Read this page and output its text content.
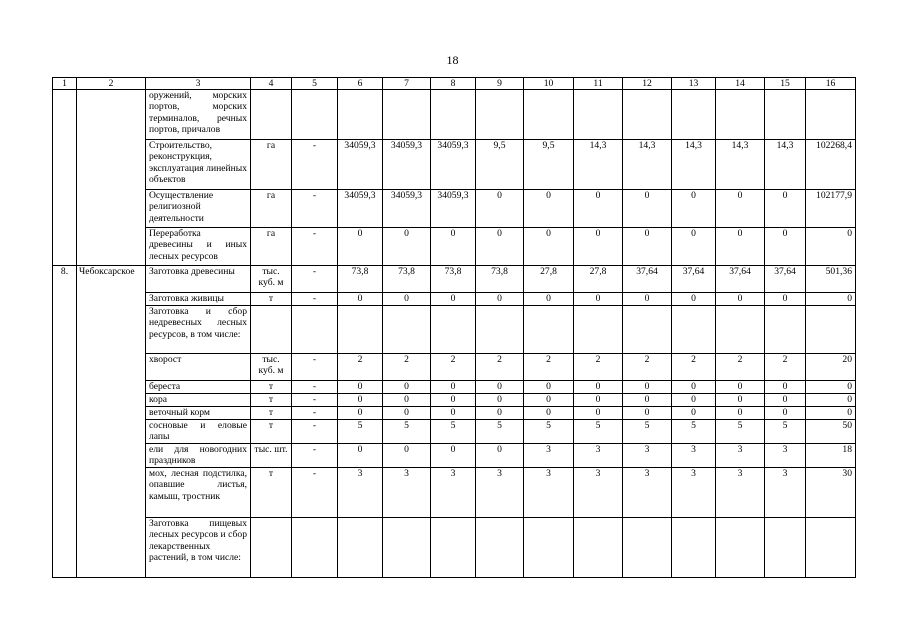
18
1	2	3	4	5	6	7	8	9	10	11	12	13	14	15	16
		оружений, морских портов, морских терминалов, речных портов, причалов													
		Строительство, реконструкция, эксплуатация линейных объектов	га	-	34059,3	34059,3	34059,3	9,5	9,5	14,3	14,3	14,3	14,3	14,3	102268,4
		Осуществление религиозной деятельности	га	-	34059,3	34059,3	34059,3	0	0	0	0	0	0	0	102177,9
		Переработка древесины и иных лесных ресурсов	га	-	0	0	0	0	0	0	0	0	0	0	0
8.	Чебоксарское	Заготовка древесины	тыс. куб. м	-	73,8	73,8	73,8	73,8	27,8	27,8	37,64	37,64	37,64	37,64	501,36
		Заготовка живицы	т	-	0	0	0	0	0	0	0	0	0	0	0
		Заготовка и сбор недревесных лесных ресурсов, в том числе:													
		хворост	тыс. куб. м	-	2	2	2	2	2	2	2	2	2	2	20
		береста	т	-	0	0	0	0	0	0	0	0	0	0	0
		кора	т	-	0	0	0	0	0	0	0	0	0	0	0
		веточный корм	т	-	0	0	0	0	0	0	0	0	0	0	0
		сосновые и еловые лапы	т	-	5	5	5	5	5	5	5	5	5	5	50
		ели для новогодних праздников	тыс. шт.	-	0	0	0	0	3	3	3	3	3	3	18
		мох, лесная подстилка, опавшие листья, камыш, тростник	т	-	3	3	3	3	3	3	3	3	3	3	30
		Заготовка пищевых лесных ресурсов и сбор лекарственных растений, в том числе:													
